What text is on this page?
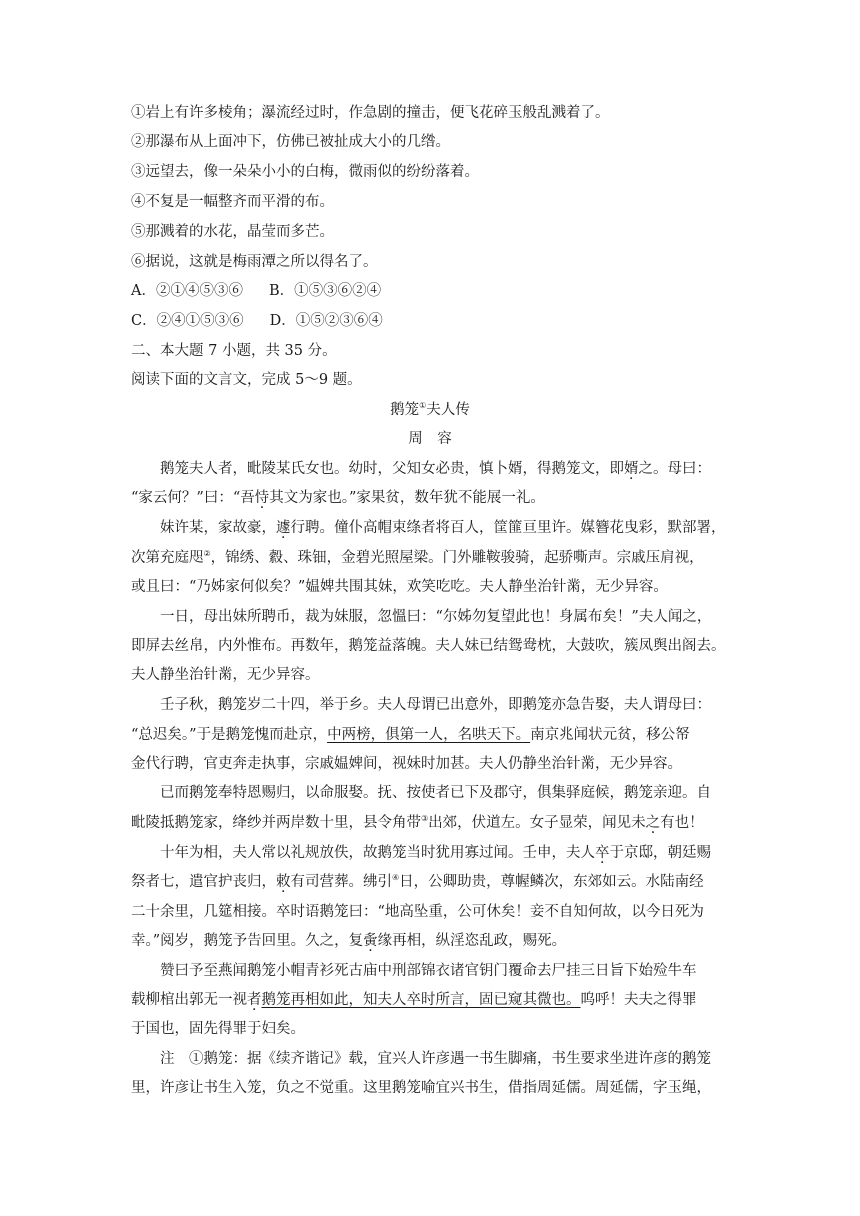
①岩上有许多棱角；瀑流经过时，作急剧的撞击，便飞花碎玉般乱溅着了。
②那瀑布从上面冲下，仿佛已被扯成大小的几绺。
③远望去，像一朵朵小小的白梅，微雨似的纷纷落着。
④不复是一幅整齐而平滑的布。
⑤那溅着的水花，晶莹而多芒。
⑥据说，这就是梅雨潭之所以得名了。
A．②①④⑤③⑥ B．①⑤③⑥②④
C．②④①⑤③⑥ D．①⑤②③⑥④
二、本大题 7 小题，共 35 分。
阅读下面的文言文，完成 5～9 题。
鹅笼①夫人传
周　容
鹅笼夫人者，毗陵某氏女也。幼时，父知女必贵，慎卜婿，得鹅笼文，即婿之。母曰：
“家云何？”曰：“吾恃其文为家也。”家果贫，数年犹不能展一礼。
妹许某，家故豪，遽行聘。僮仆高帽束绦者将百人，筐篚亘里许。媒簪花曳彩，默部署，
次第充庭咫②，锦绣、縠、珠钿，金碧光照屋梁。门外雕鞍骏骑，起骄嘶声。宗戚压肩视，
或且曰：“乃姊家何似矣？”媪婢共围其妹，欢笑吃吃。夫人静坐治针黹，无少异容。
一日，母出妹所聘币，裁为妹服，忽慍曰：“尔姊勿复望此也！身属布矣！”夫人闻之，
即屏去丝帛，内外惟布。再数年，鹅笼益落魄。夫人妹已结鸳鸯枕，大鼓吹，簇凤舆出阁去。
夫人静坐治针黹，无少异容。
壬子秋，鹅笼岁二十四，举于乡。夫人母谓已出意外，即鹅笼亦急告娶，夫人谓母曰：
“总迟矣。”于是鹅笼愧而赴京，中两榜，俱第一人，名哄天下。南京兆闻状元贫，移公帑
金代行聘，官吏奔走执事，宗戚媪婢间，视妹时加甚。夫人仍静坐治针黹，无少异容。
已而鹅笼奉特恩赐归，以命服娶。抚、按使者已下及郡守，俱集驿庭候，鹅笼亲迎。自
毗陵抵鹅笼家，绛纱并两岸数十里，县令角带③出郊，伏道左。女子显荣，闻见未之有也！
十年为相，夫人常以礼规放佚，故鹅笼当时犹用寡过闻。壬申，夫人卒于京邸，朝廷赐
祭者七，遣官护丧归，敕有司营葬。绋引④日，公卿助贵，尊幄鳞次，东郊如云。水陆南经
二十余里，几筵相接。卒时语鹅笼曰：“地高坠重，公可休矣！妾不自知何故，以今日死为
幸。”阅岁，鹅笼予告回里。久之，复夤缘再相，纵淫恣乱政，赐死。
赞曰予至燕闻鹅笼小帽青衫死古庙中刑部锦衣诸官钥门覆命去尸挂三日旨下始殓牛车
载柳棺出郭无一视者鹅笼再相如此，知夫人卒时所言，固已窥其微也。呜呼！夫夫之得罪
于国也，固先得罪于妇矣。
注　①鹅笼：据《续齐谐记》载，宜兴人许彦遇一书生脚痛，书生要求坐进许彦的鹅笼
里，许彦让书生入笼，负之不觉重。这里鹅笼喻宜兴书生，借指周延儒。周延儒，字玉绳，
